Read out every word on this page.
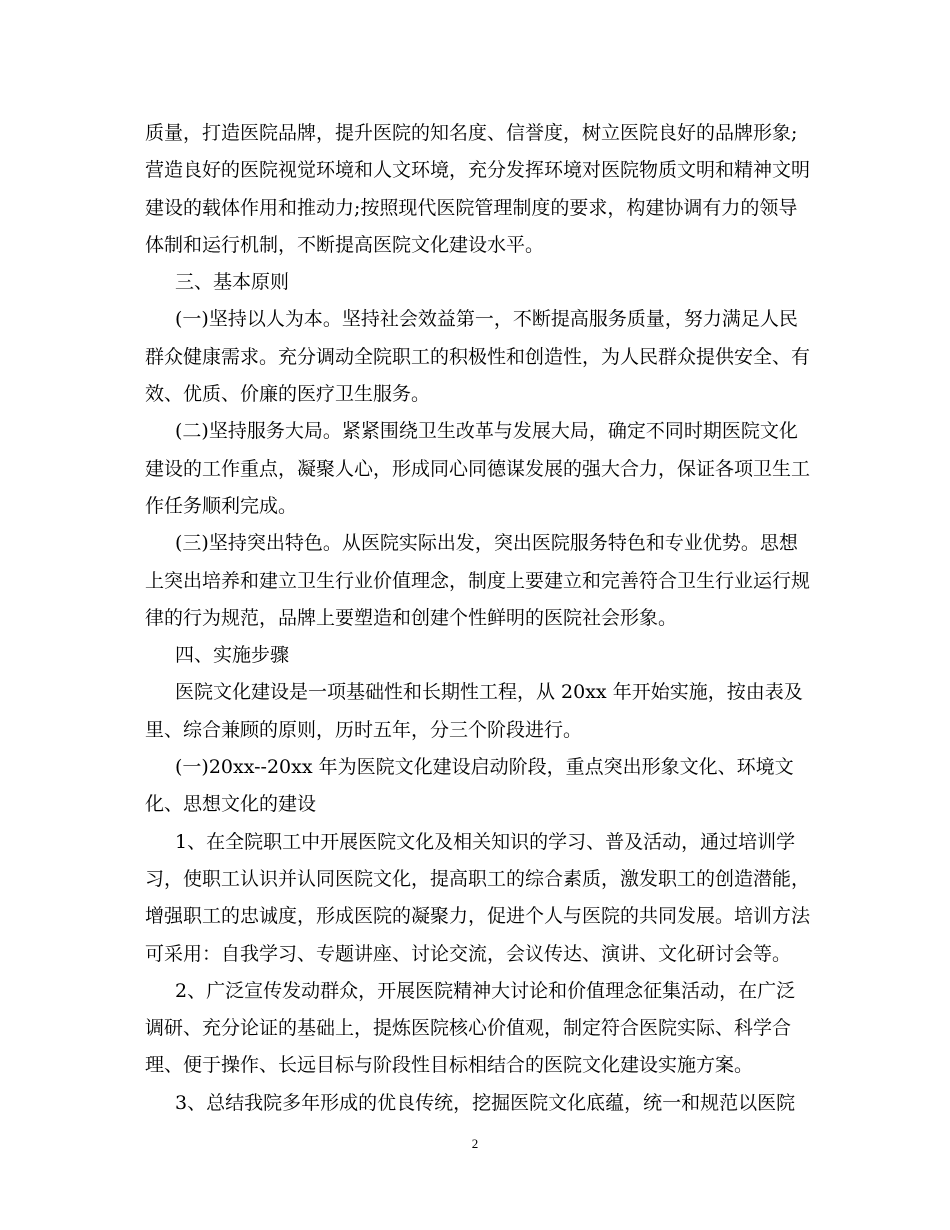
质量，打造医院品牌，提升医院的知名度、信誉度，树立医院良好的品牌形象;
营造良好的医院视觉环境和人文环境，充分发挥环境对医院物质文明和精神文明
建设的载体作用和推动力;按照现代医院管理制度的要求，构建协调有力的领导
体制和运行机制，不断提高医院文化建设水平。
三、基本原则
(一)坚持以人为本。坚持社会效益第一，不断提高服务质量，努力满足人民
群众健康需求。充分调动全院职工的积极性和创造性，为人民群众提供安全、有
效、优质、价廉的医疗卫生服务。
(二)坚持服务大局。紧紧围绕卫生改革与发展大局，确定不同时期医院文化
建设的工作重点，凝聚人心，形成同心同德谋发展的强大合力，保证各项卫生工
作任务顺利完成。
(三)坚持突出特色。从医院实际出发，突出医院服务特色和专业优势。思想
上突出培养和建立卫生行业价值理念，制度上要建立和完善符合卫生行业运行规
律的行为规范，品牌上要塑造和创建个性鲜明的医院社会形象。
四、实施步骤
医院文化建设是一项基础性和长期性工程，从 20xx 年开始实施，按由表及
里、综合兼顾的原则，历时五年，分三个阶段进行。
(一)20xx--20xx 年为医院文化建设启动阶段，重点突出形象文化、环境文
化、思想文化的建设
1、在全院职工中开展医院文化及相关知识的学习、普及活动，通过培训学
习，使职工认识并认同医院文化，提高职工的综合素质，激发职工的创造潜能，
增强职工的忠诚度，形成医院的凝聚力，促进个人与医院的共同发展。培训方法
可采用：自我学习、专题讲座、讨论交流，会议传达、演讲、文化研讨会等。
2、广泛宣传发动群众，开展医院精神大讨论和价值理念征集活动，在广泛
调研、充分论证的基础上，提炼医院核心价值观，制定符合医院实际、科学合
理、便于操作、长远目标与阶段性目标相结合的医院文化建设实施方案。
3、总结我院多年形成的优良传统，挖掘医院文化底蕴，统一和规范以医院
2
